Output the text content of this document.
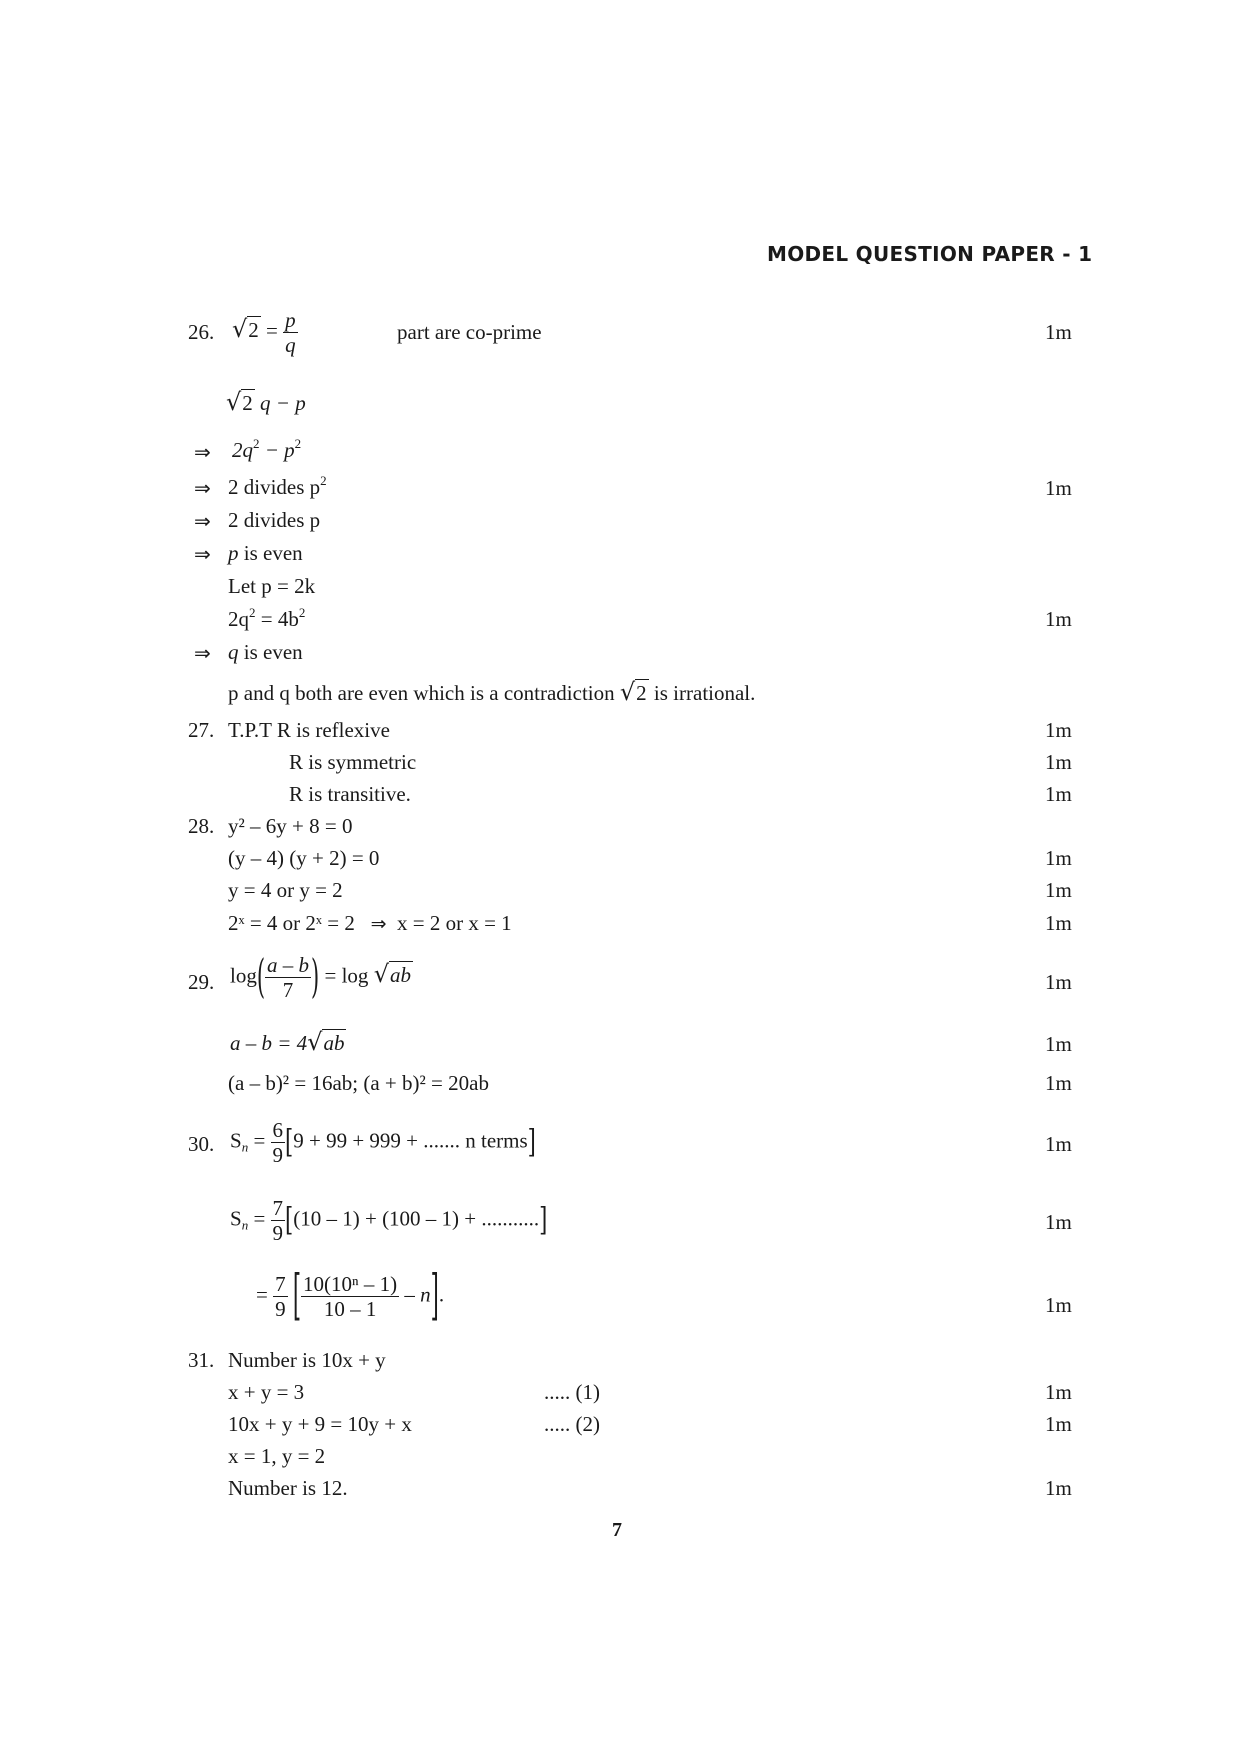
MODEL QUESTION PAPER - 1
26. $√2 = \frac{p}{q}$	part are co-prime	1m
√2 q − p
⇒ $2q^2 - p^2$
⇒ 2 divides $p^2$	1m
⇒ 2 divides p
⇒ p is even
Let p = 2k
$2q^2 = 4b^2$	1m
⇒ q is even
p and q both are even which is a contradiction √2 is irrational.
27. T.P.T R is reflexive	1m
R is symmetric	1m
R is transitive.	1m
28. y² – 6y + 8 = 0
(y – 4) (y + 2) = 0	1m
y = 4 or y = 2	1m
2ˣ = 4 or 2ˣ = 2 ⇒ x = 2 or x = 1	1m
29. $\log( \frac{a - b}{7}$ ) = log √ab	1m
a – b = 4√ab	1m
(a – b)² = 16ab; (a + b)² = 20ab	1m
30. $S_n = \frac{6}{9} [9 + 99 + 999$ + ....... n terms]	1m
$S_n = \frac{7}{9} [(10 - 1) + (100 - 1)$ + ...........]	1m
= $\frac{7}{9}$ [ $\frac{\text{10(10ⁿ – 1)}}{10 - 1} - n$].	1m
31. Number is 10x + y
x + y = 3	..... (1)	1m
10x + y + 9 = 10y + x	..... (2)	1m
x = 1, y = 2
Number is 12.	1m
7
